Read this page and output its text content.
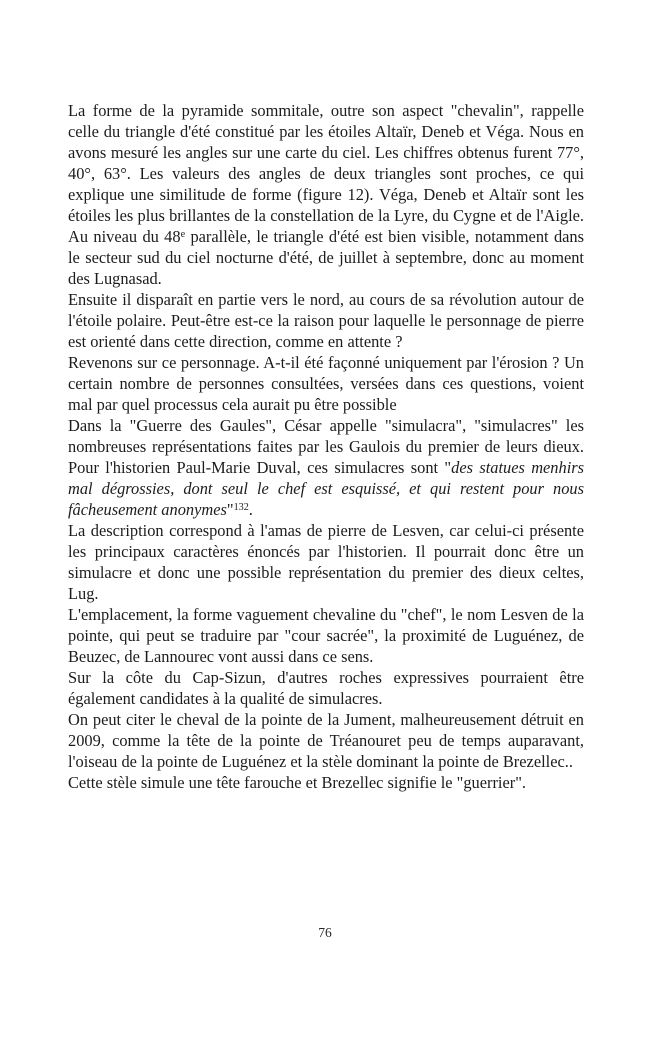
La forme de la pyramide sommitale, outre son aspect "chevalin", rappelle celle du triangle d'été constitué par les étoiles Altaïr, Deneb et Véga. Nous en avons mesuré les angles sur une carte du ciel. Les chiffres obtenus furent 77°, 40°, 63°. Les valeurs des angles de deux triangles sont proches, ce qui explique une similitude de forme (figure 12). Véga, Deneb et Altaïr sont les étoiles les plus brillantes de la constellation de la Lyre, du Cygne et de l'Aigle. Au niveau du 48e parallèle, le triangle d'été est bien visible, notamment dans le secteur sud du ciel nocturne d'été, de juillet à septembre, donc au moment des Lugnasad.

Ensuite il disparaît en partie vers le nord, au cours de sa révolution autour de l'étoile polaire. Peut-être est-ce la raison pour laquelle le personnage de pierre est orienté dans cette direction, comme en attente ?

Revenons sur ce personnage. A-t-il été façonné uniquement par l'érosion ? Un certain nombre de personnes consultées, versées dans ces questions, voient mal par quel processus cela aurait pu être possible

Dans la "Guerre des Gaules", César appelle "simulacra", "simulacres" les nombreuses représentations faites par les Gaulois du premier de leurs dieux. Pour l'historien Paul-Marie Duval, ces simulacres sont "des statues menhirs mal dégrossies, dont seul le chef est esquissé, et qui restent pour nous fâcheusement anonymes"$^{132}$.

La description correspond à l'amas de pierre de Lesven, car celui-ci présente les principaux caractères énoncés par l'historien. Il pourrait donc être un simulacre et donc une possible représentation du premier des dieux celtes, Lug.

L'emplacement, la forme vaguement chevaline du "chef", le nom Lesven de la pointe, qui peut se traduire par "cour sacrée", la proximité de Luguénez, de Beuzec, de Lannourec vont aussi dans ce sens.

Sur la côte du Cap-Sizun, d'autres roches expressives pourraient être également candidates à la qualité de simulacres.

On peut citer le cheval de la pointe de la Jument, malheureusement détruit en 2009, comme la tête de la pointe de Tréanouret peu de temps auparavant, l'oiseau de la pointe de Luguénez et la stèle dominant la pointe de Brezellec..

Cette stèle simule une tête farouche et Brezellec signifie le "guerrier".

76
